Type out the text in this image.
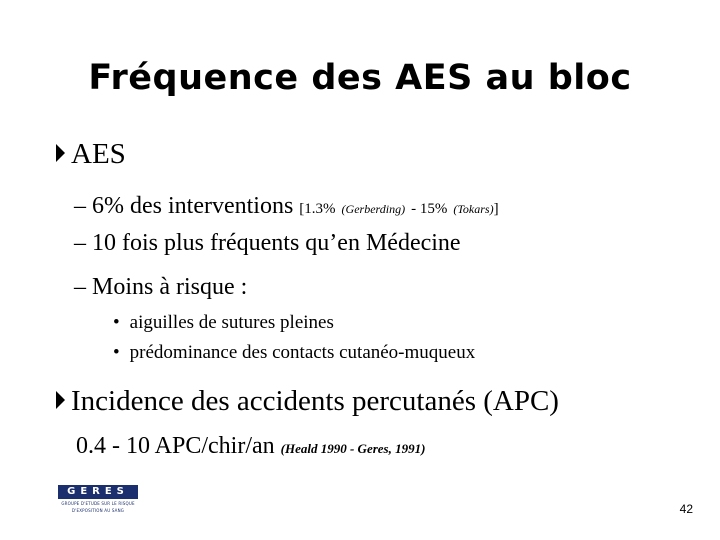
Fréquence des AES au bloc
AES
– 6% des interventions [1.3% (Gerberding) - 15% (Tokars)]
– 10 fois plus fréquents qu’en Médecine
– Moins à risque :
• aiguilles de sutures pleines
• prédominance des contacts cutanéo-muqueux
Incidence des accidents percutanés (APC)
0.4 - 10 APC/chir/an (Heald 1990 - Geres, 1991)
GERES
GROUPE D'ETUDE SUR LE RISQUE
D'EXPOSITION AU SANG	42
